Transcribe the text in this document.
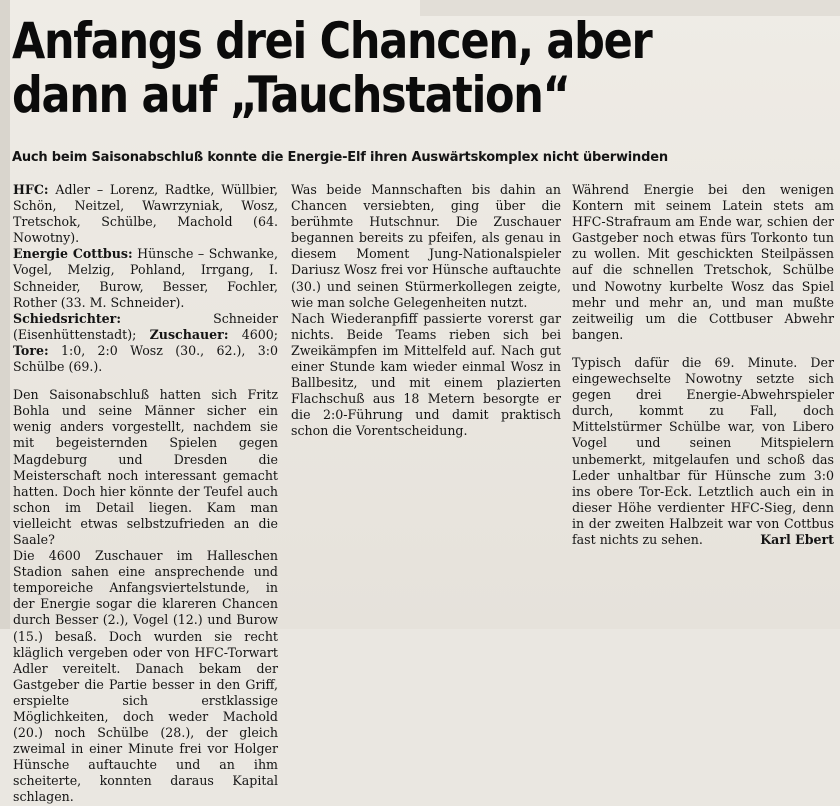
Anfangs drei Chancen, aber
dann auf „Tauchstation“
Auch beim Saisonabschluß konnte die Energie-Elf ihren Auswärtskomplex nicht überwinden

HFC: Adler – Lorenz, Radtke, Wüllbier, Schön, Neitzel, Wawrzyniak, Wosz, Tretschok, Schülbe, Machold (64. Nowotny).

Energie Cottbus: Hünsche – Schwanke, Vogel, Melzig, Pohland, Irrgang, I. Schneider, Burow, Besser, Fochler, Rother (33. M. Schneider).

Schiedsrichter:	Schneider (Eisenhüttenstadt); Zuschauer: 4600; Tore: 1:0, 2:0 Wosz (30., 62.), 3:0 Schülbe (69.).

Den Saisonabschluß hatten sich Fritz Bohla und seine Männer sicher ein wenig anders vorgestellt, nachdem sie mit begeisternden Spielen gegen Magdeburg und Dresden die Meisterschaft noch interessant gemacht hatten. Doch hier könnte der Teufel auch schon im Detail liegen. Kam man vielleicht etwas selbstzufrieden an die Saale?

Die 4600 Zuschauer im Halleschen Stadion sahen eine ansprechende und temporeiche Anfangsviertelstunde, in der Energie sogar die klareren Chancen durch Besser (2.), Vogel (12.) und Burow (15.) besaß. Doch wurden sie recht kläglich vergeben oder von HFC-Torwart Adler vereitelt. Danach bekam der Gastgeber die Partie besser in den Griff, erspielte sich erstklassige Möglichkeiten, doch weder Machold (20.) noch Schülbe (28.), der gleich zweimal in einer Minute frei vor Holger Hünsche auftauchte und an ihm scheiterte, konnten daraus Kapital schlagen.

Was beide Mannschaften bis dahin an Chancen versiebten, ging über die berühmte Hutschnur. Die Zuschauer begannen bereits zu pfeifen, als genau in diesem Moment Jung-Nationalspieler Dariusz Wosz frei vor Hünsche auftauchte (30.) und seinen Stürmerkollegen zeigte, wie man solche Gelegenheiten nutzt.

Nach Wiederanpfiff passierte vorerst gar nichts. Beide Teams rieben sich bei Zweikämpfen im Mittelfeld auf. Nach gut einer Stunde kam wieder einmal Wosz in Ballbesitz, und mit einem plazierten Flachschuß aus 18 Metern besorgte er die 2:0-Führung und damit praktisch schon die Vorentscheidung.

Während Energie bei den wenigen Kontern mit seinem Latein stets am HFC-Strafraum am Ende war, schien der Gastgeber noch etwas fürs Torkonto tun zu wollen. Mit geschickten Steilpässen auf die schnellen Tretschok, Schülbe und Nowotny kurbelte Wosz das Spiel mehr und mehr an, und man mußte zeitweilig um die Cottbuser Abwehr bangen.

Typisch dafür die 69. Minute. Der eingewechselte Nowotny setzte sich gegen drei Energie-Abwehrspieler durch, kommt zu Fall, doch Mittelstürmer Schülbe war, von Libero Vogel und seinen Mitspielern unbemerkt, mitgelaufen und schoß das Leder unhaltbar für Hünsche zum 3:0 ins obere Tor-Eck. Letztlich auch ein in dieser Höhe verdienter HFC-Sieg, denn in der zweiten Halbzeit war von Cottbus fast nichts zu sehen.	Karl Ebert
